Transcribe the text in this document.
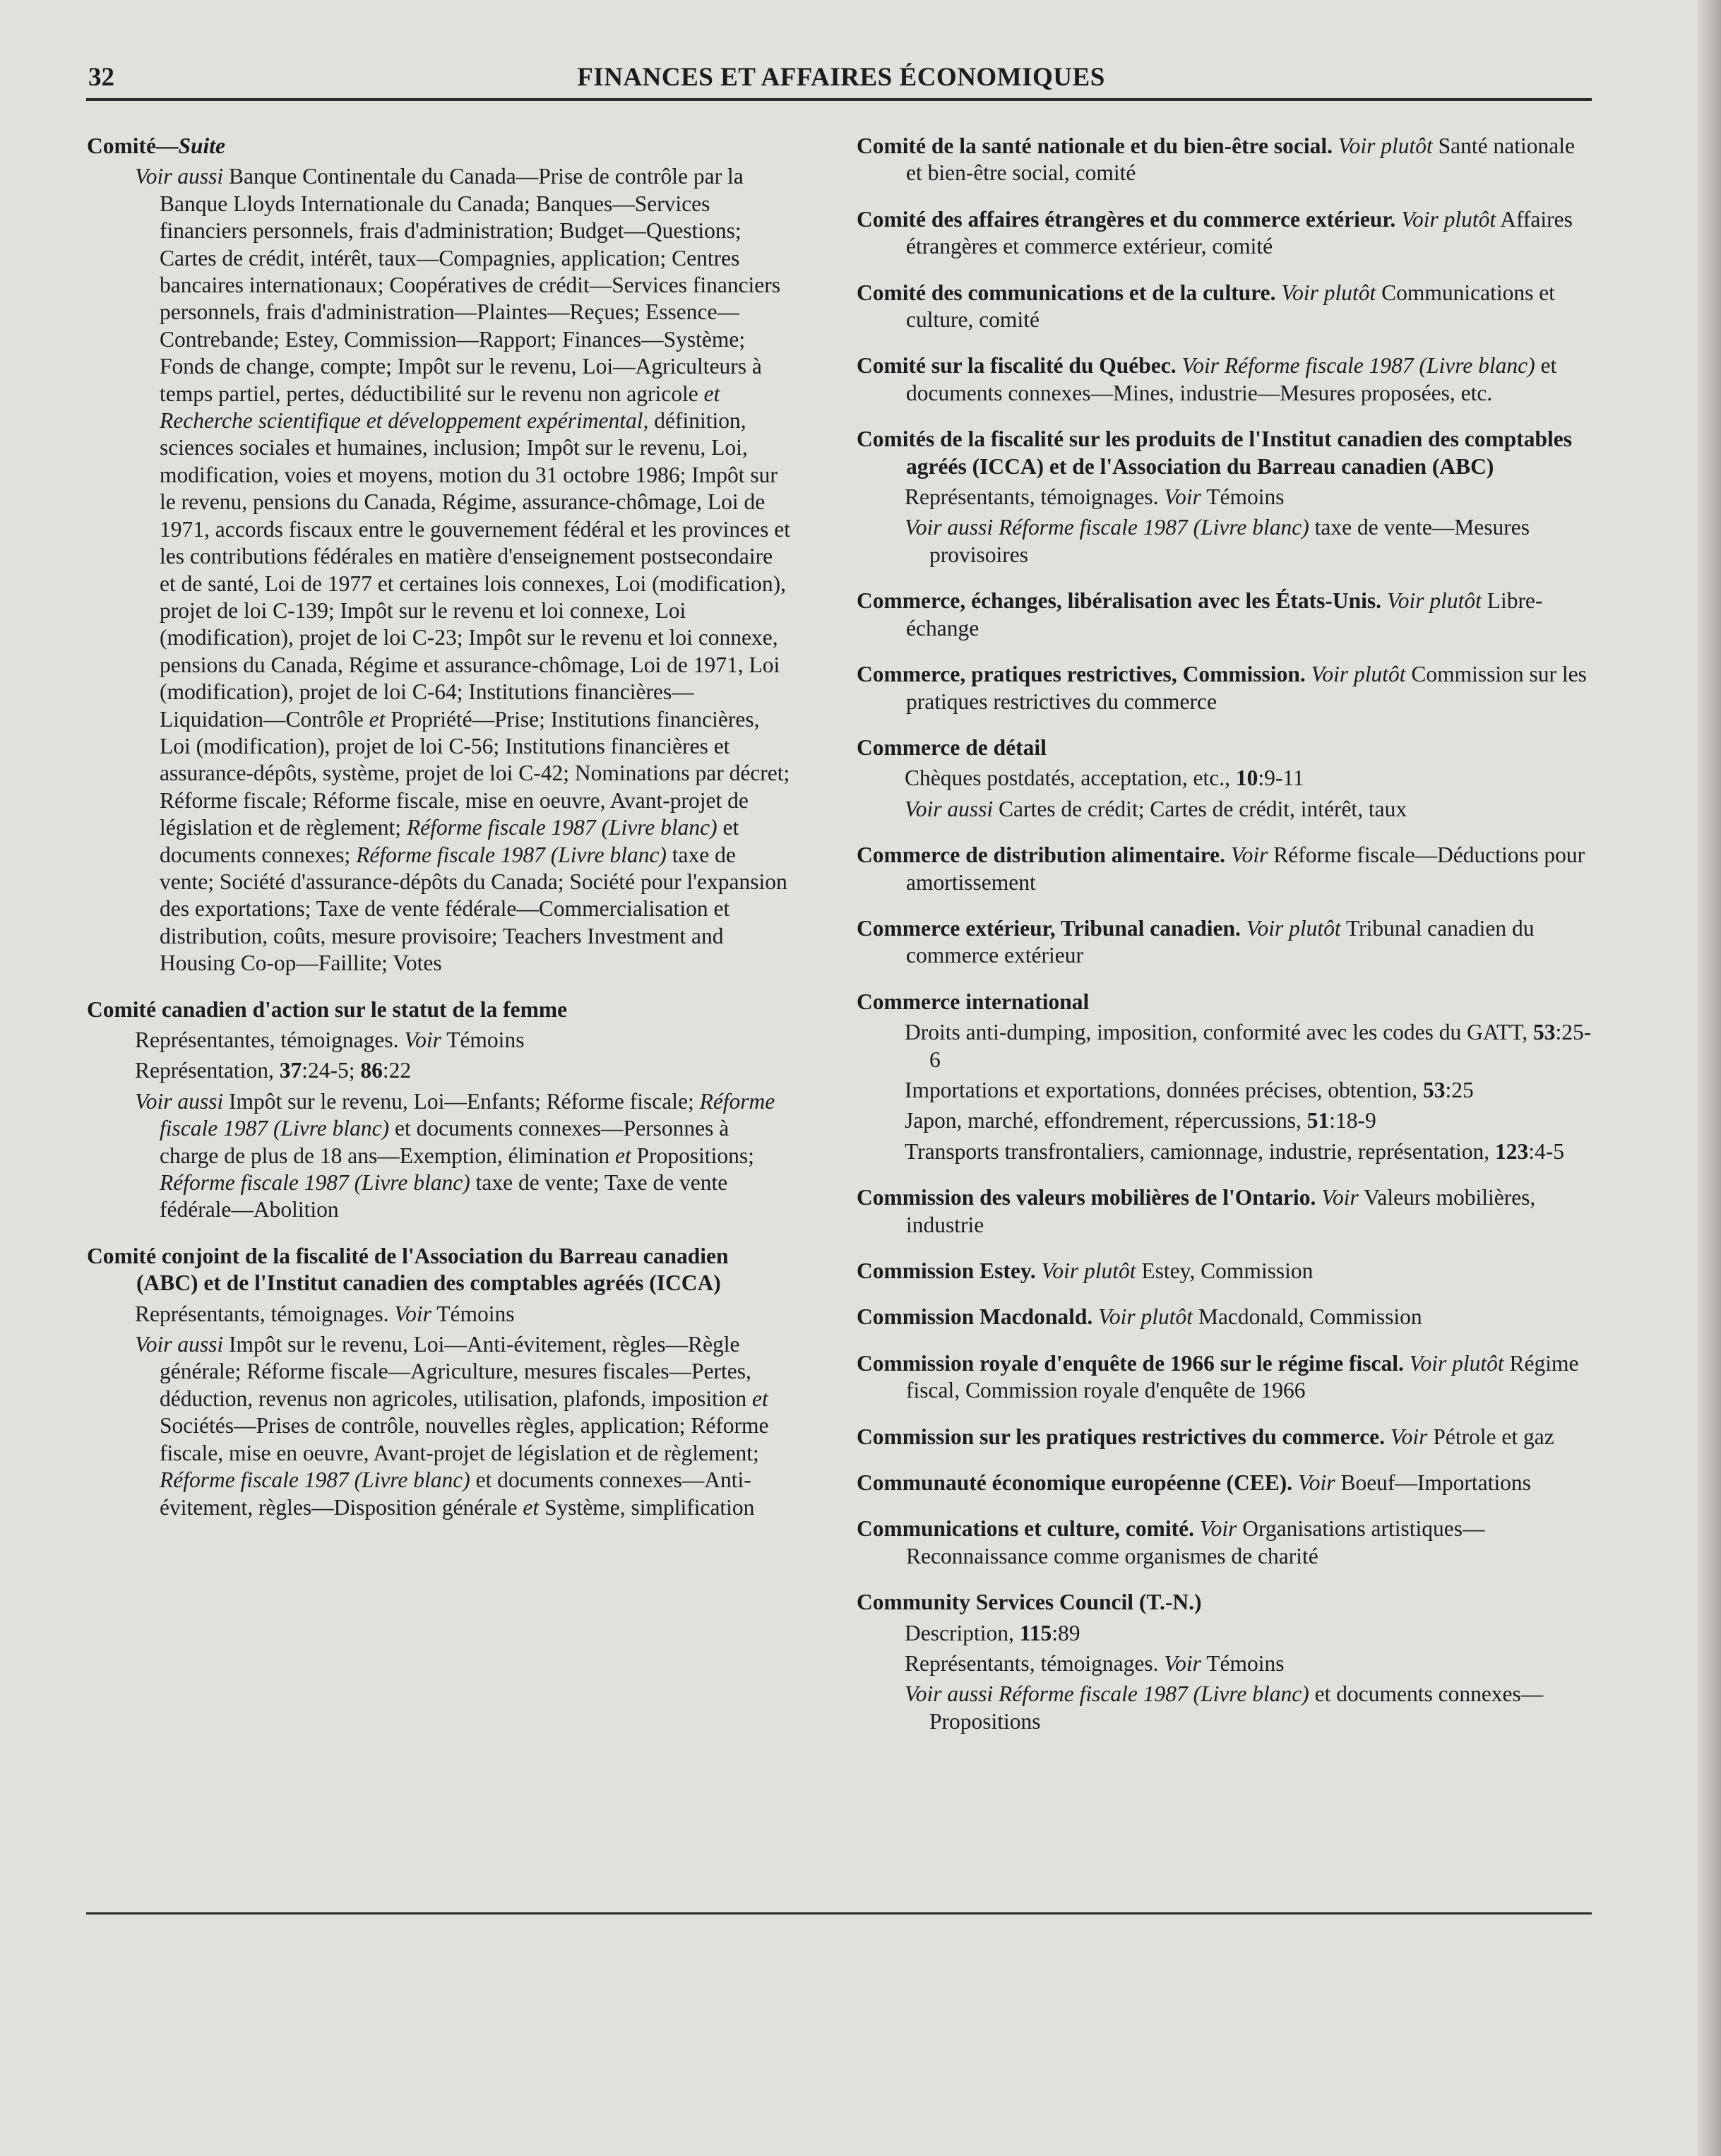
FINANCES ET AFFAIRES ÉCONOMIQUES
32
Comité—Suite
Voir aussi Banque Continentale du Canada—Prise de contrôle par la Banque Lloyds Internationale du Canada; Banques—Services financiers personnels, frais d'administration; Budget—Questions; Cartes de crédit, intérêt, taux—Compagnies, application; Centres bancaires internationaux; Coopératives de crédit—Services financiers personnels, frais d'administration—Plaintes—Reçues; Essence—Contrebande; Estey, Commission—Rapport; Finances—Système; Fonds de change, compte; Impôt sur le revenu, Loi—Agriculteurs à temps partiel, pertes, déductibilité sur le revenu non agricole et Recherche scientifique et développement expérimental, définition, sciences sociales et humaines, inclusion; Impôt sur le revenu, Loi, modification, voies et moyens, motion du 31 octobre 1986; Impôt sur le revenu, pensions du Canada, Régime, assurance-chômage, Loi de 1971, accords fiscaux entre le gouvernement fédéral et les provinces et les contributions fédérales en matière d'enseignement postsecondaire et de santé, Loi de 1977 et certaines lois connexes, Loi (modification), projet de loi C-139; Impôt sur le revenu et loi connexe, Loi (modification), projet de loi C-23; Impôt sur le revenu et loi connexe, pensions du Canada, Régime et assurance-chômage, Loi de 1971, Loi (modification), projet de loi C-64; Institutions financières—Liquidation—Contrôle et Propriété—Prise; Institutions financières, Loi (modification), projet de loi C-56; Institutions financières et assurance-dépôts, système, projet de loi C-42; Nominations par décret; Réforme fiscale; Réforme fiscale, mise en oeuvre, Avant-projet de législation et de règlement; Réforme fiscale 1987 (Livre blanc) et documents connexes; Réforme fiscale 1987 (Livre blanc) taxe de vente; Société d'assurance-dépôts du Canada; Société pour l'expansion des exportations; Taxe de vente fédérale—Commercialisation et distribution, coûts, mesure provisoire; Teachers Investment and Housing Co-op—Faillite; Votes
Comité canadien d'action sur le statut de la femme
Représentantes, témoignages. Voir Témoins
Représentation, 37:24-5; 86:22
Voir aussi Impôt sur le revenu, Loi—Enfants; Réforme fiscale; Réforme fiscale 1987 (Livre blanc) et documents connexes—Personnes à charge de plus de 18 ans—Exemption, élimination et Propositions; Réforme fiscale 1987 (Livre blanc) taxe de vente; Taxe de vente fédérale—Abolition
Comité conjoint de la fiscalité de l'Association du Barreau canadien (ABC) et de l'Institut canadien des comptables agréés (ICCA)
Représentants, témoignages. Voir Témoins
Voir aussi Impôt sur le revenu, Loi—Anti-évitement, règles—Règle générale; Réforme fiscale—Agriculture, mesures fiscales—Pertes, déduction, revenus non agricoles, utilisation, plafonds, imposition et Sociétés—Prises de contrôle, nouvelles règles, application; Réforme fiscale, mise en oeuvre, Avant-projet de législation et de règlement; Réforme fiscale 1987 (Livre blanc) et documents connexes—Anti-évitement, règles—Disposition générale et Système, simplification
Comité de la santé nationale et du bien-être social. Voir plutôt Santé nationale et bien-être social, comité
Comité des affaires étrangères et du commerce extérieur. Voir plutôt Affaires étrangères et commerce extérieur, comité
Comité des communications et de la culture. Voir plutôt Communications et culture, comité
Comité sur la fiscalité du Québec. Voir Réforme fiscale 1987 (Livre blanc) et documents connexes—Mines, industrie—Mesures proposées, etc.
Comités de la fiscalité sur les produits de l'Institut canadien des comptables agréés (ICCA) et de l'Association du Barreau canadien (ABC)
Représentants, témoignages. Voir Témoins
Voir aussi Réforme fiscale 1987 (Livre blanc) taxe de vente—Mesures provisoires
Commerce, échanges, libéralisation avec les États-Unis. Voir plutôt Libre-échange
Commerce, pratiques restrictives, Commission. Voir plutôt Commission sur les pratiques restrictives du commerce
Commerce de détail
Chèques postdatés, acceptation, etc., 10:9-11
Voir aussi Cartes de crédit; Cartes de crédit, intérêt, taux
Commerce de distribution alimentaire. Voir Réforme fiscale—Déductions pour amortissement
Commerce extérieur, Tribunal canadien. Voir plutôt Tribunal canadien du commerce extérieur
Commerce international
Droits anti-dumping, imposition, conformité avec les codes du GATT, 53:25-6
Importations et exportations, données précises, obtention, 53:25
Japon, marché, effondrement, répercussions, 51:18-9
Transports transfrontaliers, camionnage, industrie, représentation, 123:4-5
Commission des valeurs mobilières de l'Ontario. Voir Valeurs mobilières, industrie
Commission Estey. Voir plutôt Estey, Commission
Commission Macdonald. Voir plutôt Macdonald, Commission
Commission royale d'enquête de 1966 sur le régime fiscal. Voir plutôt Régime fiscal, Commission royale d'enquête de 1966
Commission sur les pratiques restrictives du commerce. Voir Pétrole et gaz
Communauté économique européenne (CEE). Voir Boeuf—Importations
Communications et culture, comité. Voir Organisations artistiques—Reconnaissance comme organismes de charité
Community Services Council (T.-N.)
Description, 115:89
Représentants, témoignages. Voir Témoins
Voir aussi Réforme fiscale 1987 (Livre blanc) et documents connexes—Propositions
